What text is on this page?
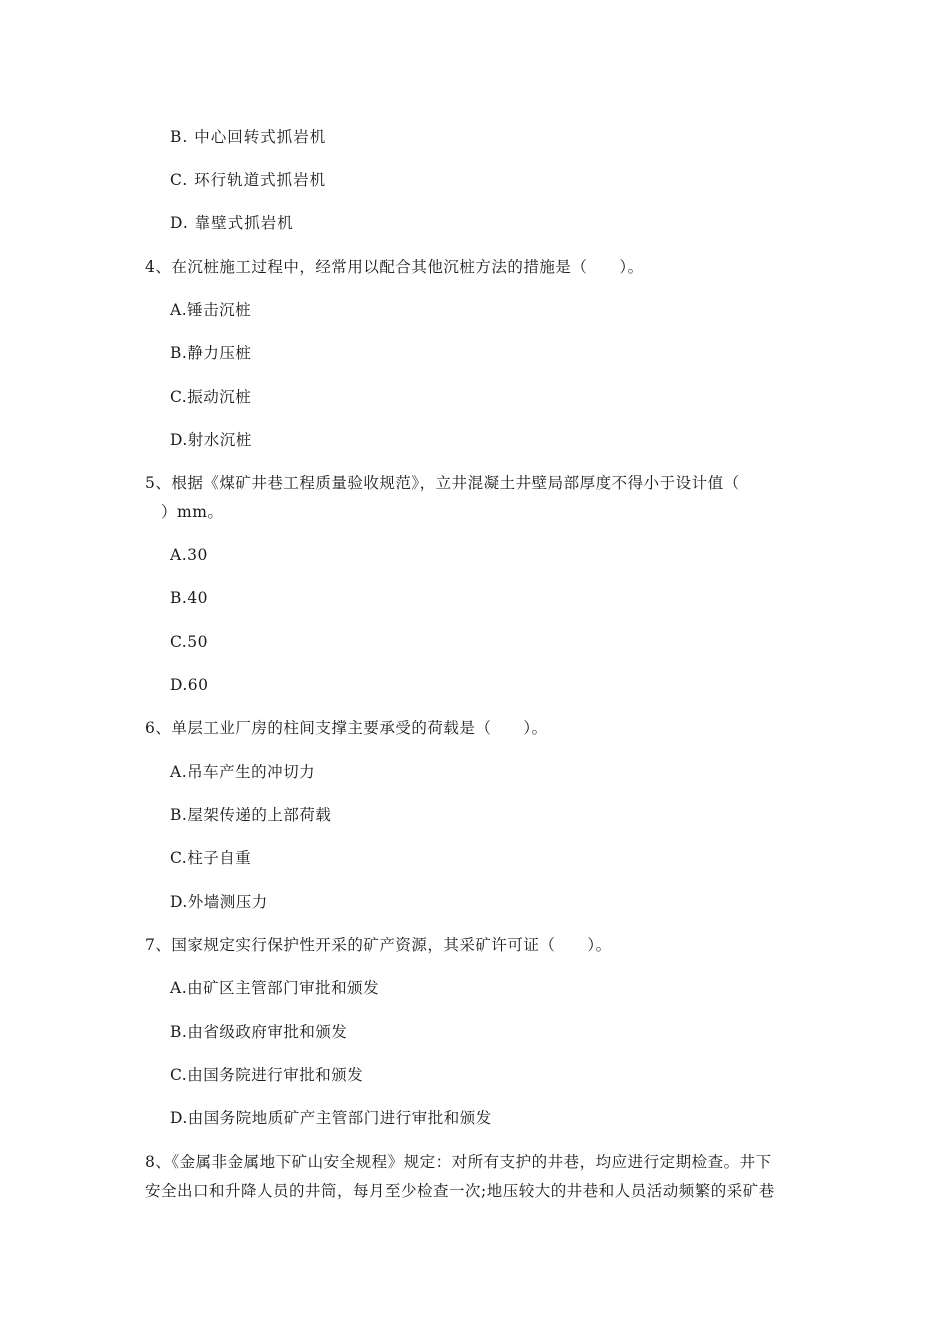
B. 中心回转式抓岩机
C. 环行轨道式抓岩机
D. 靠壁式抓岩机
4、在沉桩施工过程中，经常用以配合其他沉桩方法的措施是（　　）。
A.锤击沉桩
B.静力压桩
C.振动沉桩
D.射水沉桩
5、根据《煤矿井巷工程质量验收规范》，立井混凝土井壁局部厚度不得小于设计值（
　）mm。
A.30
B.40
C.50
D.60
6、单层工业厂房的柱间支撑主要承受的荷载是（　　）。
A.吊车产生的冲切力
B.屋架传递的上部荷载
C.柱子自重
D.外墙测压力
7、国家规定实行保护性开采的矿产资源，其采矿许可证（　　）。
A.由矿区主管部门审批和颁发
B.由省级政府审批和颁发
C.由国务院进行审批和颁发
D.由国务院地质矿产主管部门进行审批和颁发
8、《金属非金属地下矿山安全规程》规定：对所有支护的井巷，均应进行定期检查。井下
安全出口和升降人员的井筒，每月至少检查一次;地压较大的井巷和人员活动频繁的采矿巷
